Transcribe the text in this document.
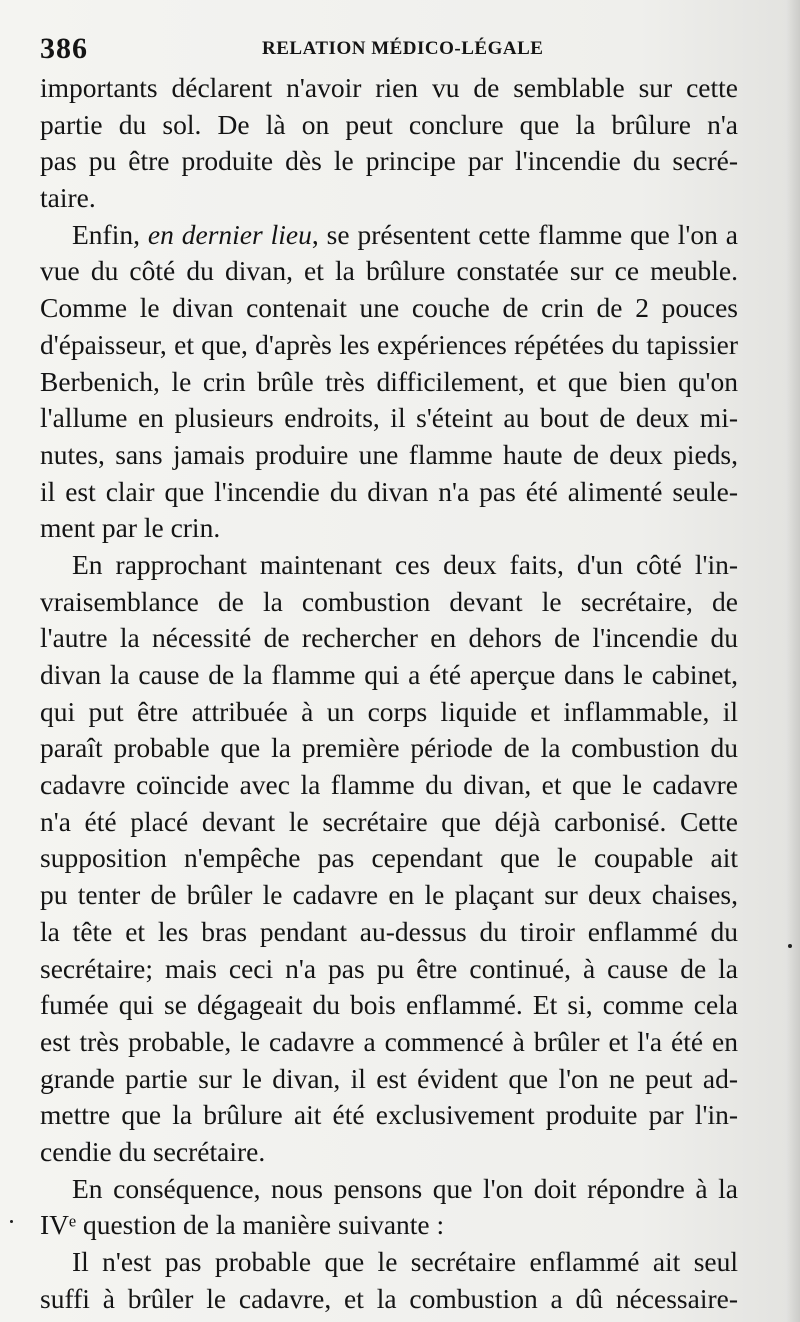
386	RELATION MÉDICO-LÉGALE
importants déclarent n'avoir rien vu de semblable sur cette
partie du sol. De là on peut conclure que la brûlure n'a
pas pu être produite dès le principe par l'incendie du secré-
taire.
Enfin, en dernier lieu, se présentent cette flamme que l'on a
vue du côté du divan, et la brûlure constatée sur ce meuble.
Comme le divan contenait une couche de crin de 2 pouces
d'épaisseur, et que, d'après les expériences répétées du tapissier
Berbenich, le crin brûle très difficilement, et que bien qu'on
l'allume en plusieurs endroits, il s'éteint au bout de deux mi-
nutes, sans jamais produire une flamme haute de deux pieds,
il est clair que l'incendie du divan n'a pas été alimenté seule-
ment par le crin.
En rapprochant maintenant ces deux faits, d'un côté l'in-
vraisemblance de la combustion devant le secrétaire, de
l'autre la nécessité de rechercher en dehors de l'incendie du
divan la cause de la flamme qui a été aperçue dans le cabinet,
qui put être attribuée à un corps liquide et inflammable, il
paraît probable que la première période de la combustion du
cadavre coïncide avec la flamme du divan, et que le cadavre
n'a été placé devant le secrétaire que déjà carbonisé. Cette
supposition n'empêche pas cependant que le coupable ait
pu tenter de brûler le cadavre en le plaçant sur deux chaises,
la tête et les bras pendant au-dessus du tiroir enflammé du
secrétaire; mais ceci n'a pas pu être continué, à cause de la
fumée qui se dégageait du bois enflammé. Et si, comme cela
est très probable, le cadavre a commencé à brûler et l'a été en
grande partie sur le divan, il est évident que l'on ne peut ad-
mettre que la brûlure ait été exclusivement produite par l'in-
cendie du secrétaire.
En conséquence, nous pensons que l'on doit répondre à la
IVᵉ question de la manière suivante :
Il n'est pas probable que le secrétaire enflammé ait seul
suffi à brûler le cadavre, et la combustion a dû nécessaire-
